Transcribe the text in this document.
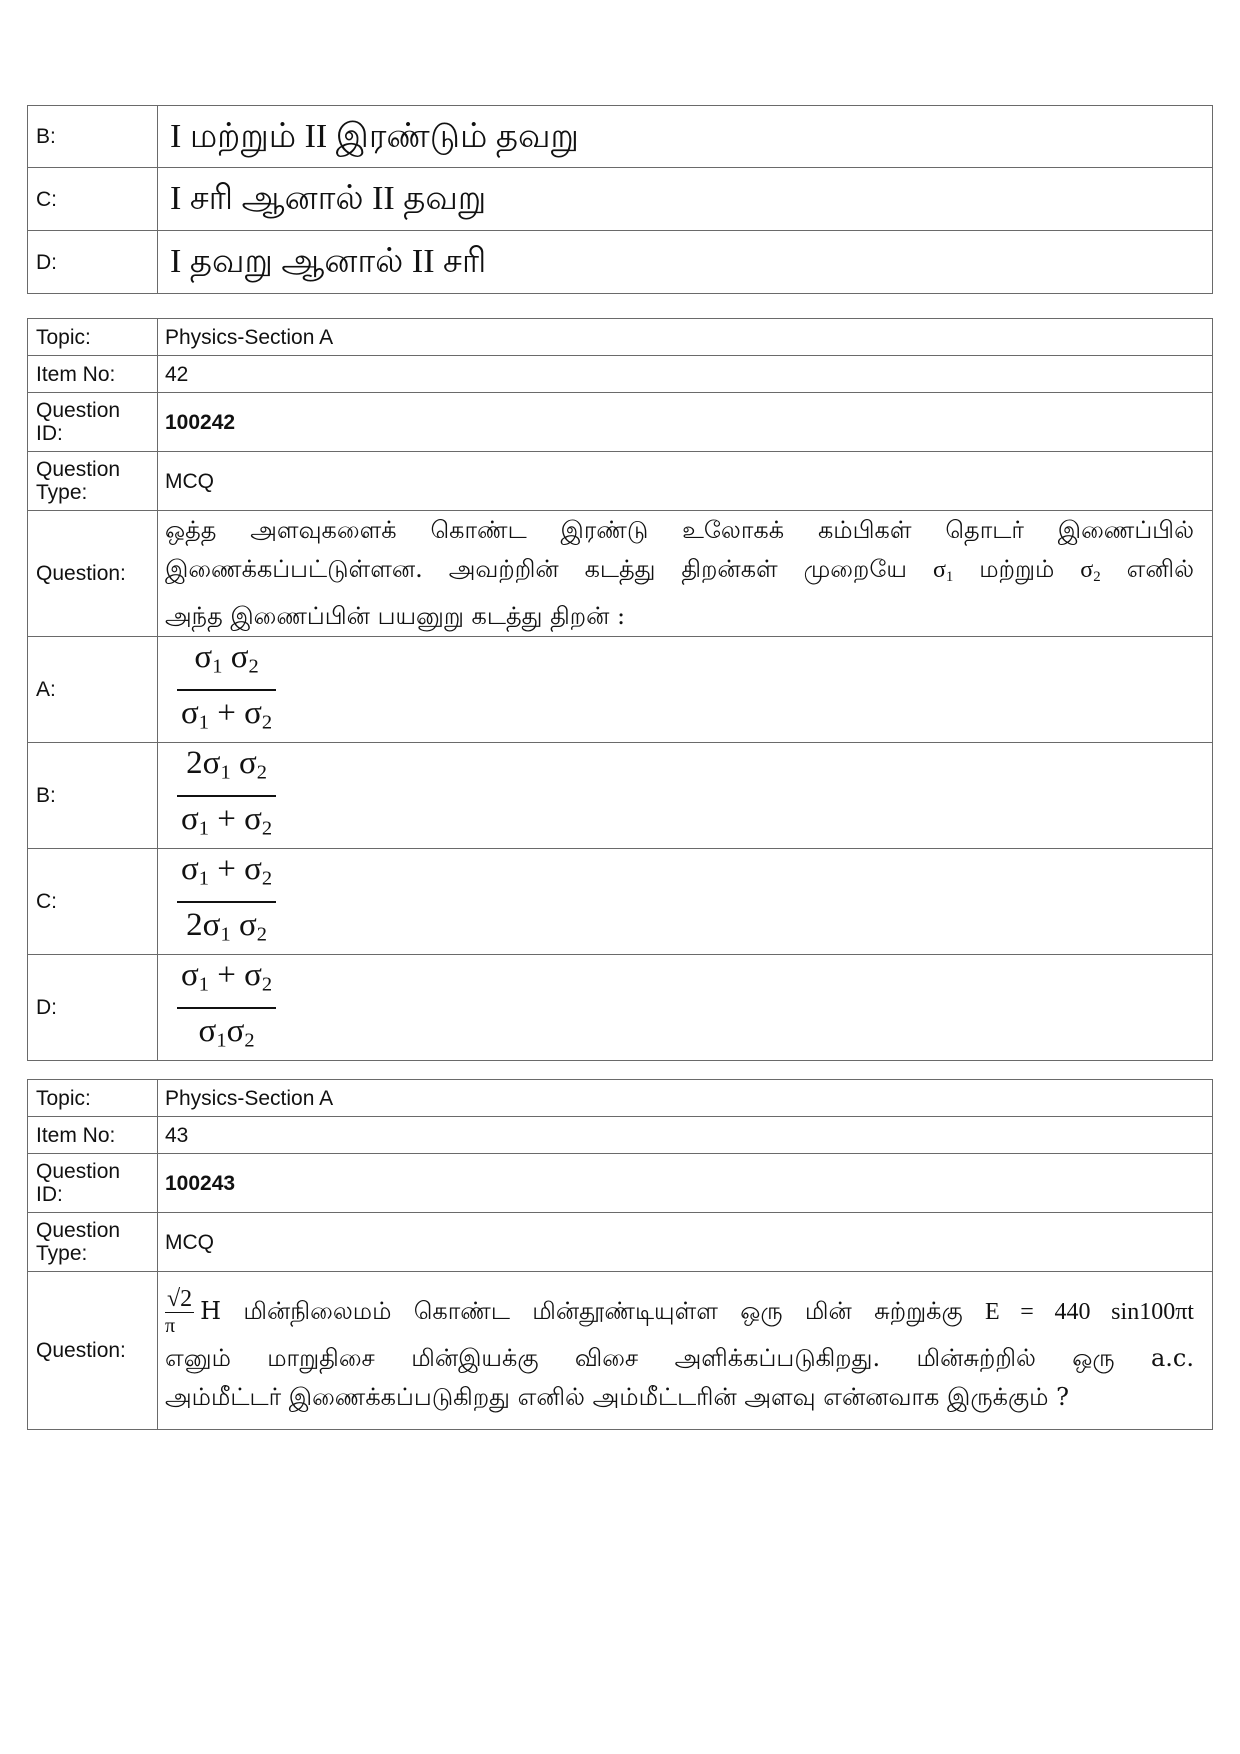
B:	I மற்றும் II இரண்டும் தவறு
C:	I சரி ஆனால் II தவறு
D:	I தவறு ஆனால் II சரி
Topic:	Physics-Section A
Item No:	42
Question ID:	100242
Question Type:	MCQ
Question:	ஒத்த அளவுகளைக் கொண்ட இரண்டு உலோகக் கம்பிகள் தொடர் இணைப்பில்
இணைக்கப்பட்டுள்ளன. அவற்றின் கடத்து திறன்கள் முறையே $\sigma_1$ மற்றும் $\sigma_2$ எனில்
அந்த இணைப்பின் பயனுறு கடத்து திறன் :

A:	$\frac{\sigma_1 \sigma_2}{\sigma_1 + \sigma_2}$

B:	$\frac{2\sigma_1 \sigma_2}{\sigma_1 + \sigma_2}$

C:	$\frac{\sigma_1 + \sigma_2}{2\sigma_1 \sigma_2}$

D:	$\frac{\sigma_1 + \sigma_2}{\sigma_1\sigma_2}$
Topic:	Physics-Section A
Item No:	43
Question ID:	100243
Question Type:	MCQ
Question:	$\frac{√2}{\pi}$ H மின்நிலைமம் கொண்ட மின்தூண்டியுள்ள ஒரு மின் சுற்றுக்கு E = 440 sin100πt
எனும் மாறுதிசை மின்இயக்கு விசை அளிக்கப்படுகிறது. மின்சுற்றில் ஒரு a.c.
அம்மீட்டர் இணைக்கப்படுகிறது எனில் அம்மீட்டரின் அளவு என்னவாக இருக்கும் ?
